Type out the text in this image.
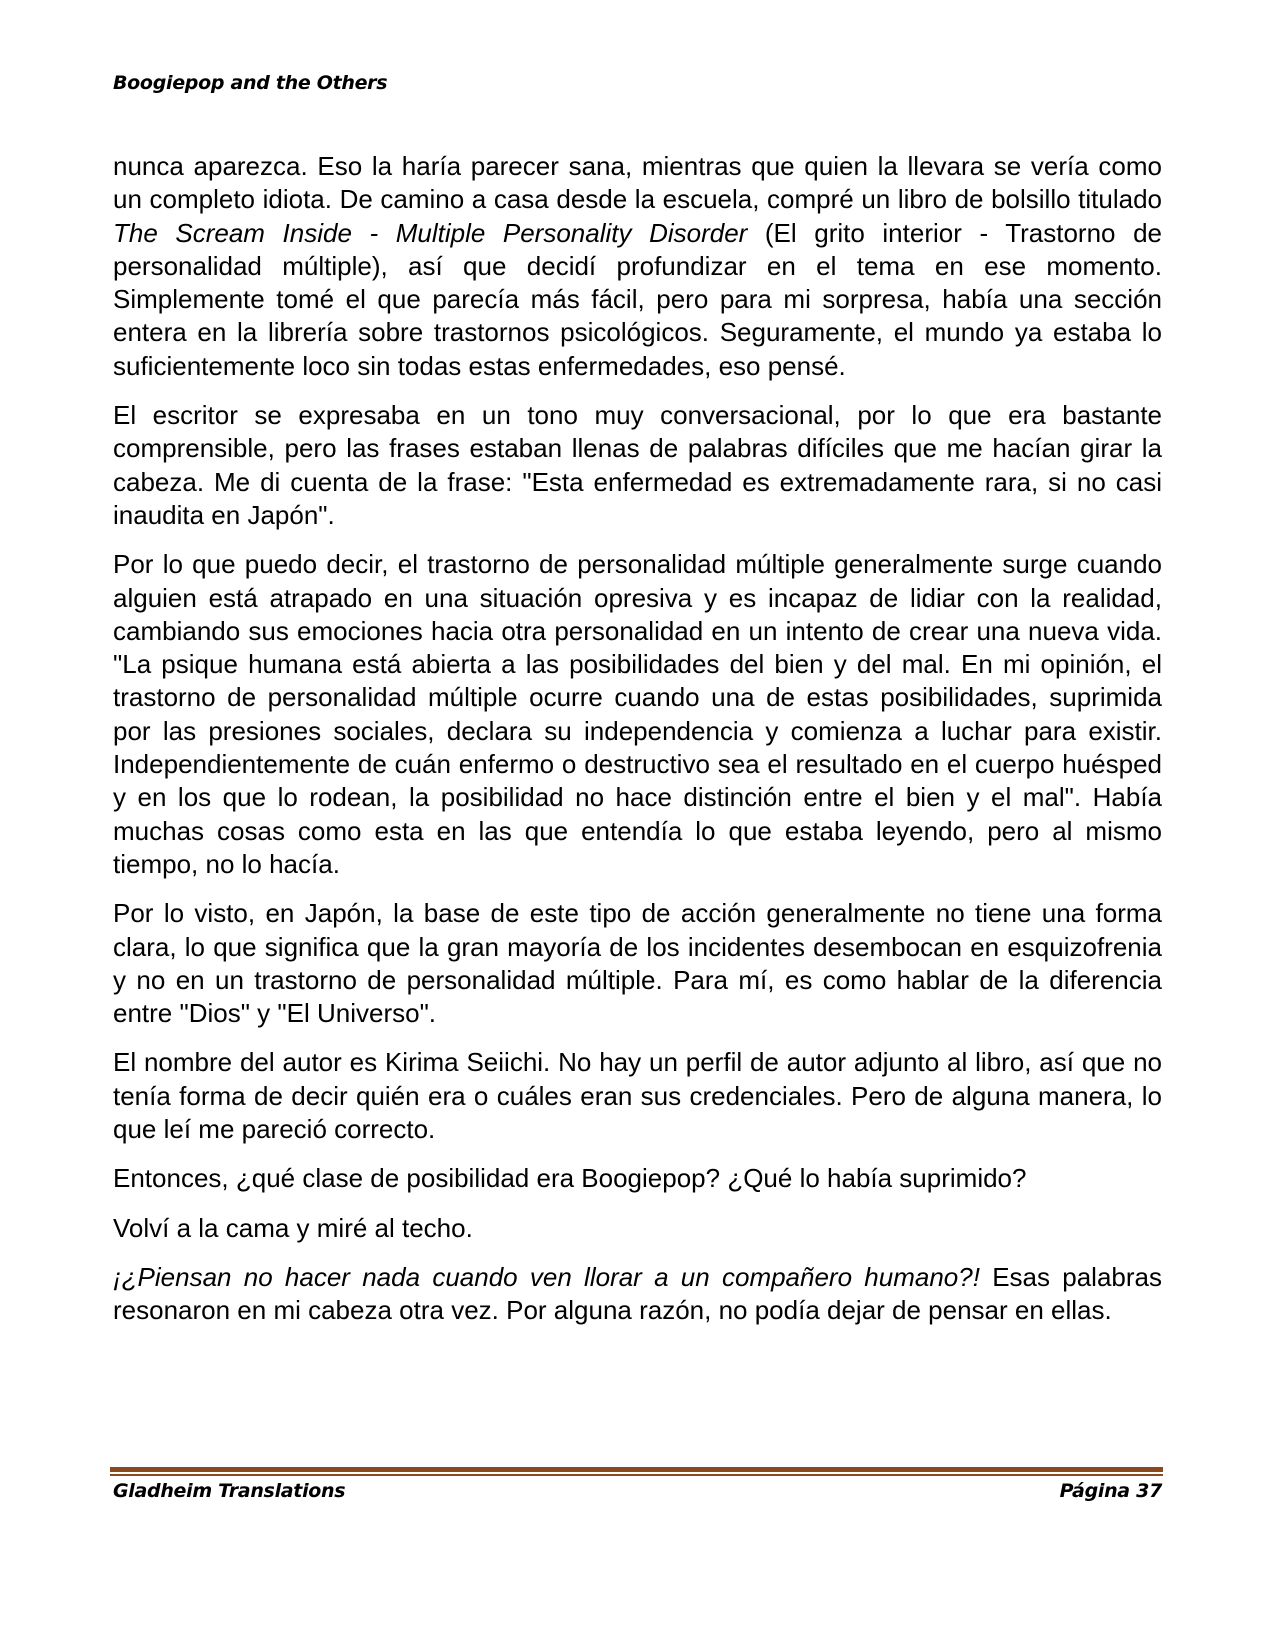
Boogiepop and the Others

nunca aparezca. Eso la haría parecer sana, mientras que quien la llevara se vería como un completo idiota. De camino a casa desde la escuela, compré un libro de bolsillo titulado The Scream Inside - Multiple Personality Disorder (El grito interior - Trastorno de personalidad múltiple), así que decidí profundizar en el tema en ese momento. Simplemente tomé el que parecía más fácil, pero para mi sorpresa, había una sección entera en la librería sobre trastornos psicológicos. Seguramente, el mundo ya estaba lo suficientemente loco sin todas estas enfermedades, eso pensé.

El escritor se expresaba en un tono muy conversacional, por lo que era bastante comprensible, pero las frases estaban llenas de palabras difíciles que me hacían girar la cabeza. Me di cuenta de la frase: "Esta enfermedad es extremadamente rara, si no casi inaudita en Japón".

Por lo que puedo decir, el trastorno de personalidad múltiple generalmente surge cuando alguien está atrapado en una situación opresiva y es incapaz de lidiar con la realidad, cambiando sus emociones hacia otra personalidad en un intento de crear una nueva vida. "La psique humana está abierta a las posibilidades del bien y del mal. En mi opinión, el trastorno de personalidad múltiple ocurre cuando una de estas posibilidades, suprimida por las presiones sociales, declara su independencia y comienza a luchar para existir. Independientemente de cuán enfermo o destructivo sea el resultado en el cuerpo huésped y en los que lo rodean, la posibilidad no hace distinción entre el bien y el mal". Había muchas cosas como esta en las que entendía lo que estaba leyendo, pero al mismo tiempo, no lo hacía.

Por lo visto, en Japón, la base de este tipo de acción generalmente no tiene una forma clara, lo que significa que la gran mayoría de los incidentes desembocan en esquizofrenia y no en un trastorno de personalidad múltiple. Para mí, es como hablar de la diferencia entre "Dios" y "El Universo".

El nombre del autor es Kirima Seiichi. No hay un perfil de autor adjunto al libro, así que no tenía forma de decir quién era o cuáles eran sus credenciales. Pero de alguna manera, lo que leí me pareció correcto.

Entonces, ¿qué clase de posibilidad era Boogiepop? ¿Qué lo había suprimido?

Volví a la cama y miré al techo.

¡¿Piensan no hacer nada cuando ven llorar a un compañero humano?! Esas palabras resonaron en mi cabeza otra vez. Por alguna razón, no podía dejar de pensar en ellas.

Gladheim Translations	Página 37
